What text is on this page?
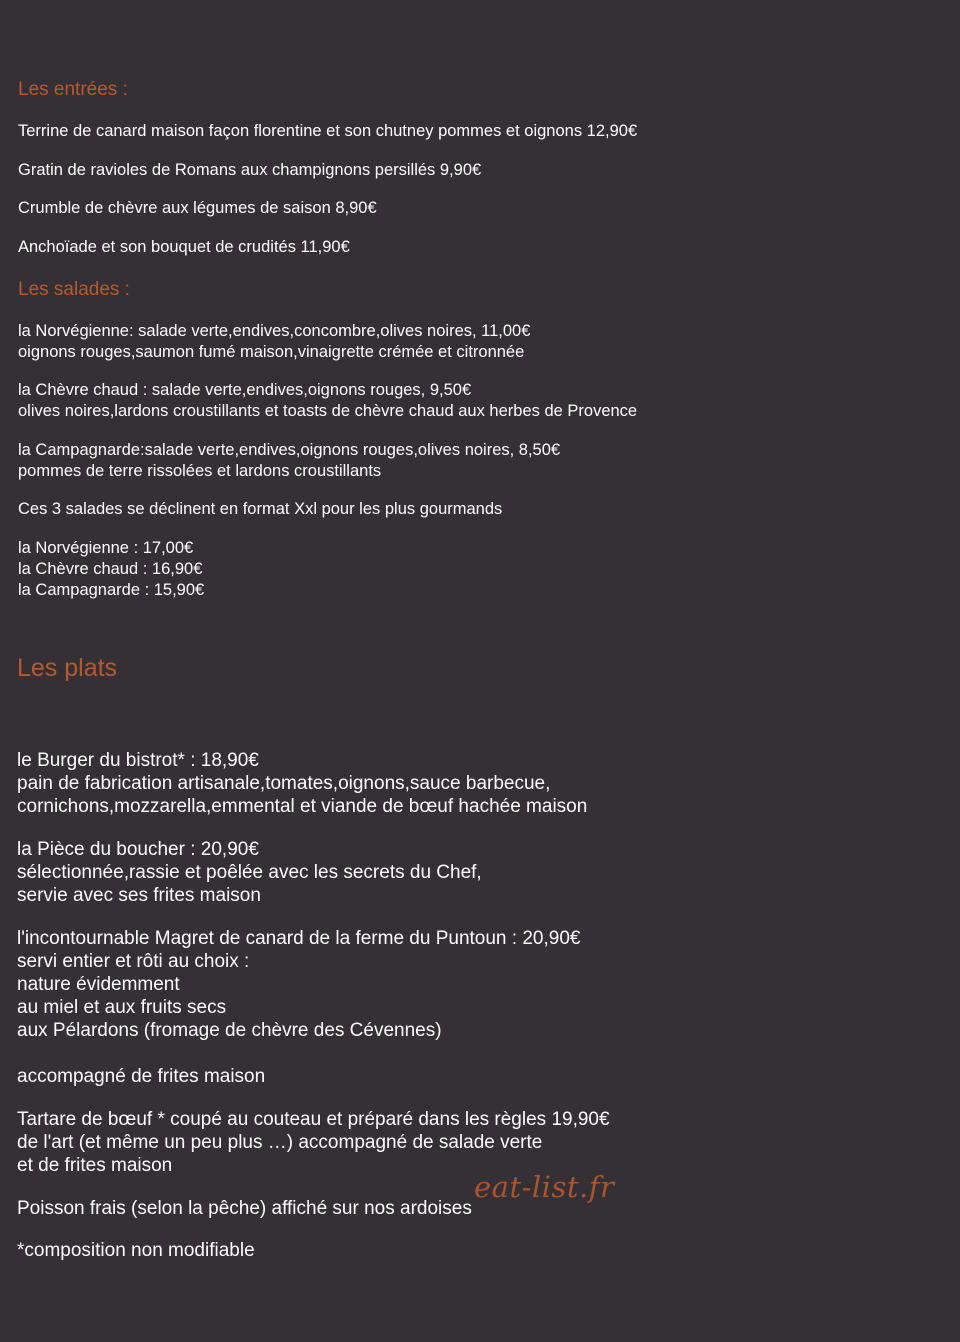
Les entrées :
Terrine de canard maison façon florentine et son chutney pommes et oignons 12,90€
Gratin de ravioles de Romans aux champignons persillés 9,90€
Crumble de chèvre aux légumes de saison 8,90€
Anchoïade et son bouquet de crudités 11,90€
Les salades :
la Norvégienne: salade verte,endives,concombre,olives noires, 11,00€
oignons rouges,saumon fumé maison,vinaigrette crémée et citronnée
la Chèvre chaud : salade verte,endives,oignons rouges, 9,50€
olives noires,lardons croustillants et toasts de chèvre chaud aux herbes de Provence
la Campagnarde:salade verte,endives,oignons rouges,olives noires, 8,50€
pommes de terre rissolées et lardons croustillants
Ces 3 salades se déclinent en format Xxl pour les plus gourmands
la Norvégienne : 17,00€
la Chèvre chaud : 16,90€
la Campagnarde : 15,90€
Les plats
le Burger du bistrot* : 18,90€
pain de fabrication artisanale,tomates,oignons,sauce barbecue,
cornichons,mozzarella,emmental et viande de bœuf hachée maison
la Pièce du boucher : 20,90€
sélectionnée,rassie et poêlée avec les secrets du Chef,
servie avec ses frites maison
l'incontournable Magret de canard de la ferme du Puntoun : 20,90€
servi entier et rôti au choix :
nature évidemment
au miel et aux fruits secs
aux Pélardons (fromage de chèvre des Cévennes)
accompagné de frites maison
Tartare de bœuf * coupé au couteau et préparé dans les règles 19,90€
de l'art (et même un peu plus …) accompagné de salade verte
et de frites maison
Poisson frais (selon la pêche) affiché sur nos ardoises
*composition non modifiable
eat-list.fr
